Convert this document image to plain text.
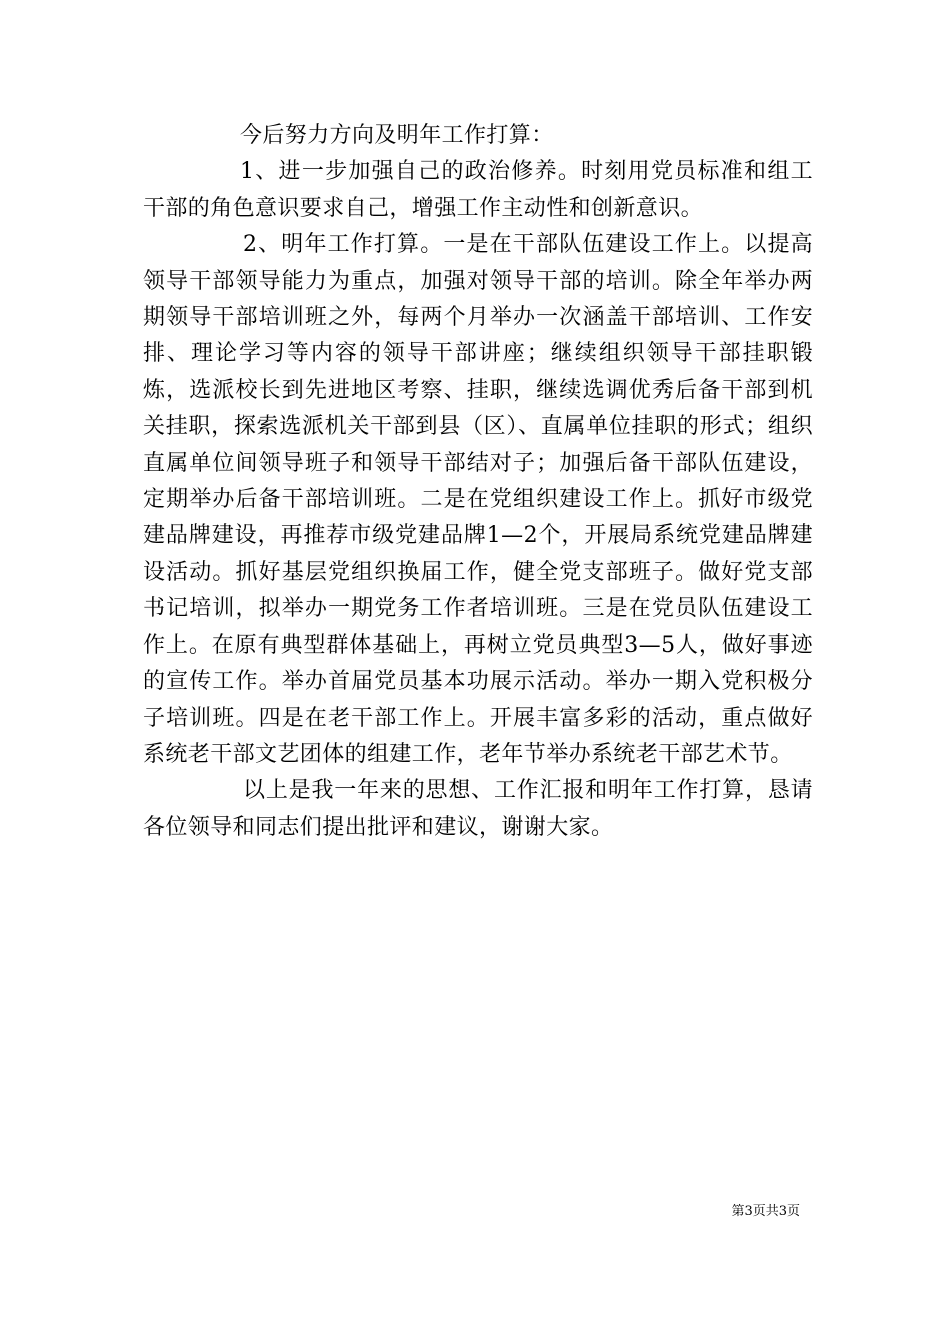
今后努力方向及明年工作打算：

1、进一步加强自己的政治修养。时刻用党员标准和组工干部的角色意识要求自己，增强工作主动性和创新意识。

2、明年工作打算。一是在干部队伍建设工作上。以提高领导干部领导能力为重点，加强对领导干部的培训。除全年举办两期领导干部培训班之外，每两个月举办一次涵盖干部培训、工作安排、理论学习等内容的领导干部讲座；继续组织领导干部挂职锻炼，选派校长到先进地区考察、挂职，继续选调优秀后备干部到机关挂职，探索选派机关干部到县（区）、直属单位挂职的形式；组织直属单位间领导班子和领导干部结对子；加强后备干部队伍建设，定期举办后备干部培训班。二是在党组织建设工作上。抓好市级党建品牌建设，再推荐市级党建品牌1—2个，开展局系统党建品牌建设活动。抓好基层党组织换届工作，健全党支部班子。做好党支部书记培训，拟举办一期党务工作者培训班。三是在党员队伍建设工作上。在原有典型群体基础上，再树立党员典型3—5人，做好事迹的宣传工作。举办首届党员基本功展示活动。举办一期入党积极分子培训班。四是在老干部工作上。开展丰富多彩的活动，重点做好系统老干部文艺团体的组建工作，老年节举办系统老干部艺术节。

以上是我一年来的思想、工作汇报和明年工作打算，恳请各位领导和同志们提出批评和建议，谢谢大家。

第3页共3页
